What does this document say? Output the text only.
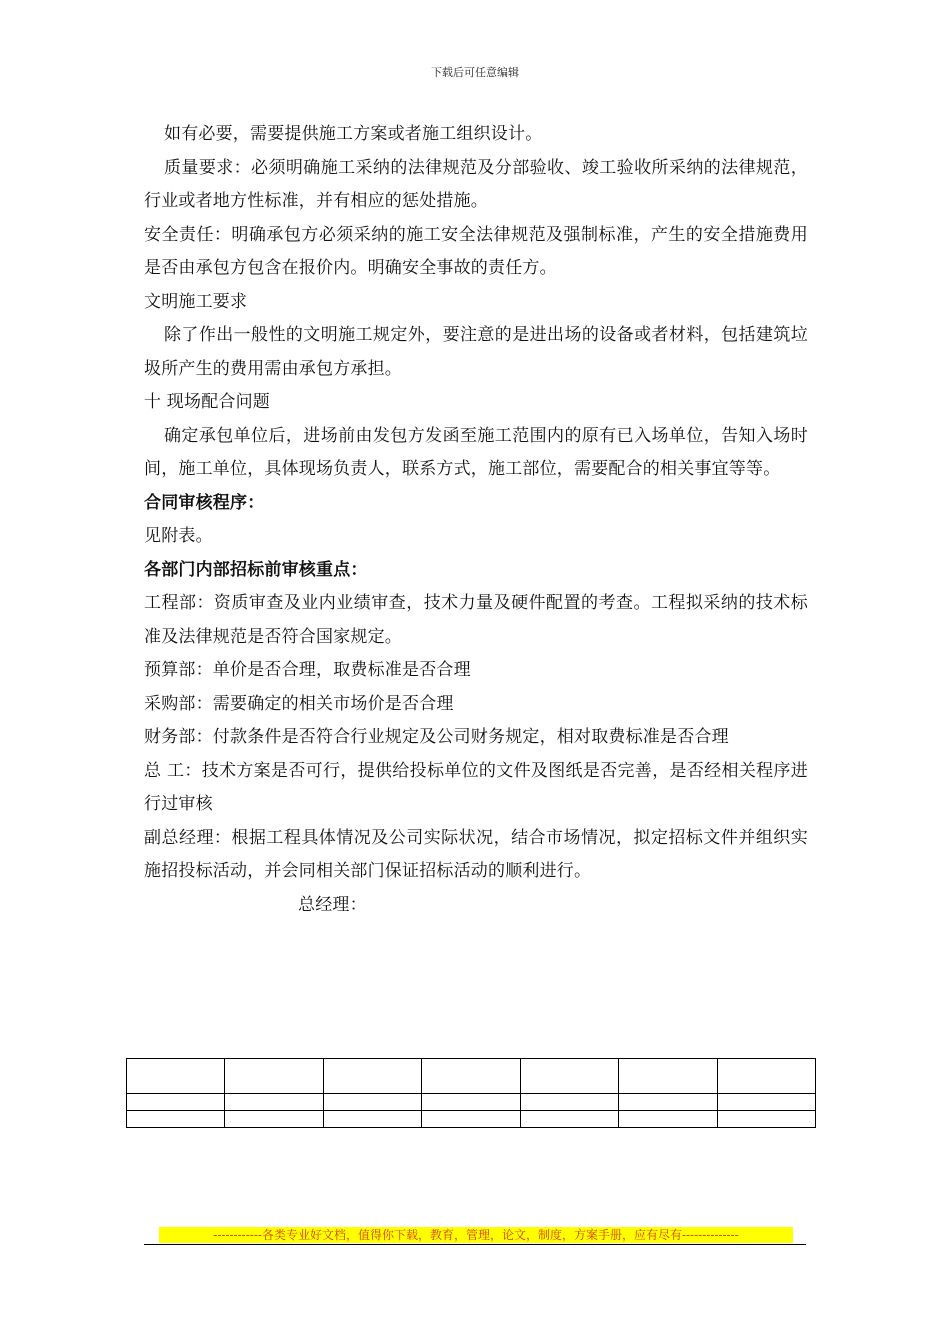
下载后可任意编辑

如有必要，需要提供施工方案或者施工组织设计。

质量要求：必须明确施工采纳的法律规范及分部验收、竣工验收所采纳的法律规范，行业或者地方性标准，并有相应的惩处措施。

安全责任：明确承包方必须采纳的施工安全法律规范及强制标准，产生的安全措施费用是否由承包方包含在报价内。明确安全事故的责任方。

文明施工要求

除了作出一般性的文明施工规定外，要注意的是进出场的设备或者材料，包括建筑垃圾所产生的费用需由承包方承担。

十 现场配合问题

确定承包单位后，进场前由发包方发函至施工范围内的原有已入场单位，告知入场时间，施工单位，具体现场负责人，联系方式，施工部位，需要配合的相关事宜等等。

合同审核程序：

见附表。

各部门内部招标前审核重点：

工程部：资质审查及业内业绩审查，技术力量及硬件配置的考查。工程拟采纳的技术标准及法律规范是否符合国家规定。

预算部：单价是否合理，取费标准是否合理

采购部：需要确定的相关市场价是否合理

财务部：付款条件是否符合行业规定及公司财务规定，相对取费标准是否合理

总 工：技术方案是否可行，提供给投标单位的文件及图纸是否完善，是否经相关程序进行过审核

副总经理：根据工程具体情况及公司实际状况，结合市场情况，拟定招标文件并组织实施招投标活动，并会同相关部门保证招标活动的顺利进行。

总经理：

------------各类专业好文档，值得你下载，教育，管理，论文，制度，方案手册，应有尽有--------------
